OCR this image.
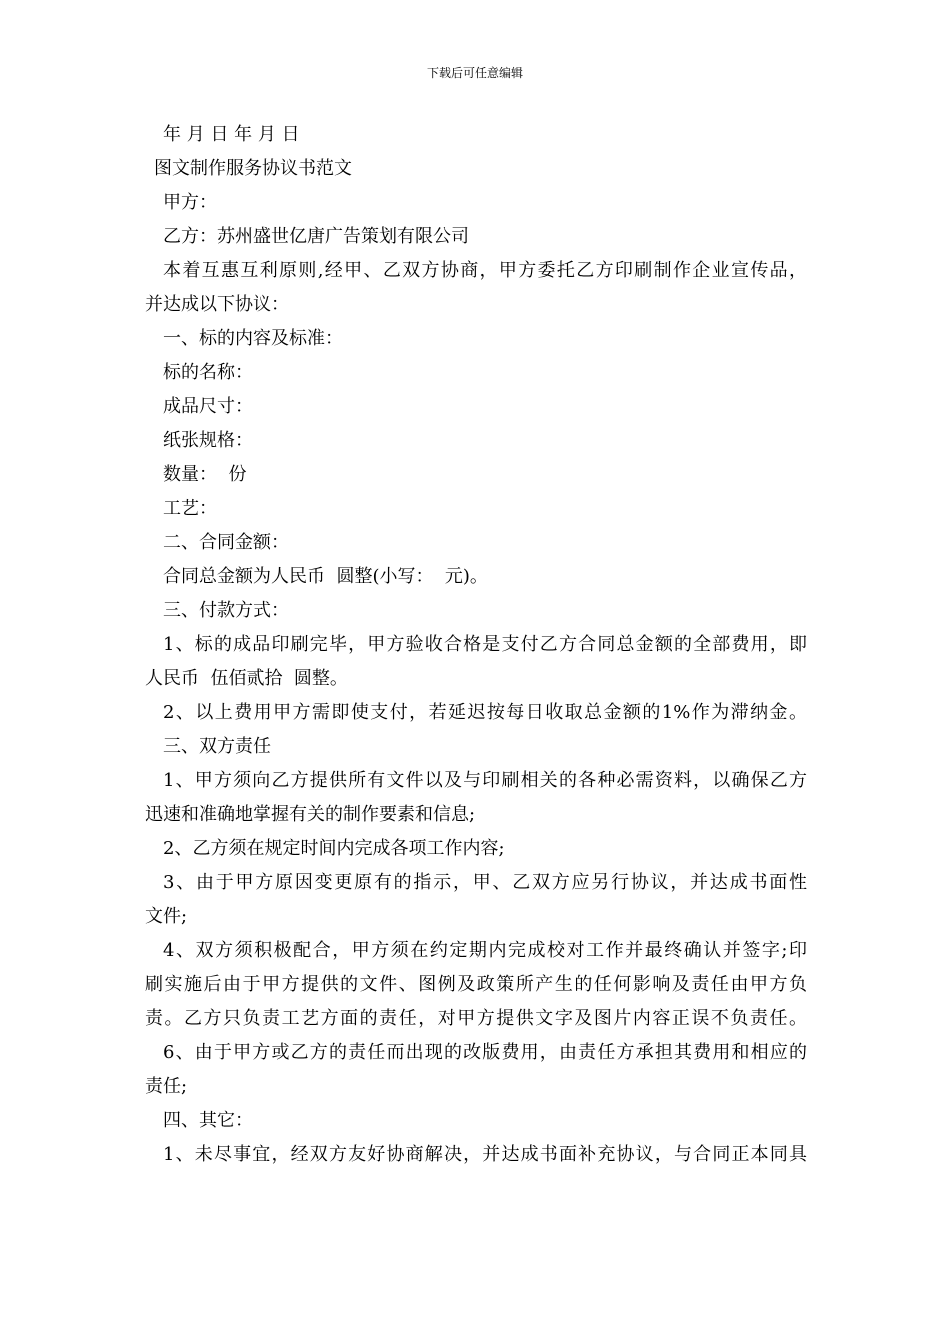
下载后可任意编辑
年 月 日 年 月 日
图文制作服务协议书范文
甲方：
乙方：苏州盛世亿唐广告策划有限公司
本着互惠互利原则,经甲、乙双方协商，甲方委托乙方印刷制作企业宣传品，
并达成以下协议：
一、标的内容及标准：
标的名称：
成品尺寸：
纸张规格：
数量：  份
工艺：
二、合同金额：
合同总金额为人民币  圆整(小写：  元)。
三、付款方式：
1、标的成品印刷完毕，甲方验收合格是支付乙方合同总金额的全部费用，即
人民币  伍佰贰拾  圆整。
2、以上费用甲方需即使支付，若延迟按每日收取总金额的1%作为滞纳金。
三、双方责任
1、甲方须向乙方提供所有文件以及与印刷相关的各种必需资料，以确保乙方
迅速和准确地掌握有关的制作要素和信息;
2、乙方须在规定时间内完成各项工作内容;
3、由于甲方原因变更原有的指示，甲、乙双方应另行协议，并达成书面性
文件;
4、双方须积极配合，甲方须在约定期内完成校对工作并最终确认并签字;印
刷实施后由于甲方提供的文件、图例及政策所产生的任何影响及责任由甲方负
责。乙方只负责工艺方面的责任，对甲方提供文字及图片内容正误不负责任。
6、由于甲方或乙方的责任而出现的改版费用，由责任方承担其费用和相应的
责任;
四、其它：
1、未尽事宜，经双方友好协商解决，并达成书面补充协议，与合同正本同具
